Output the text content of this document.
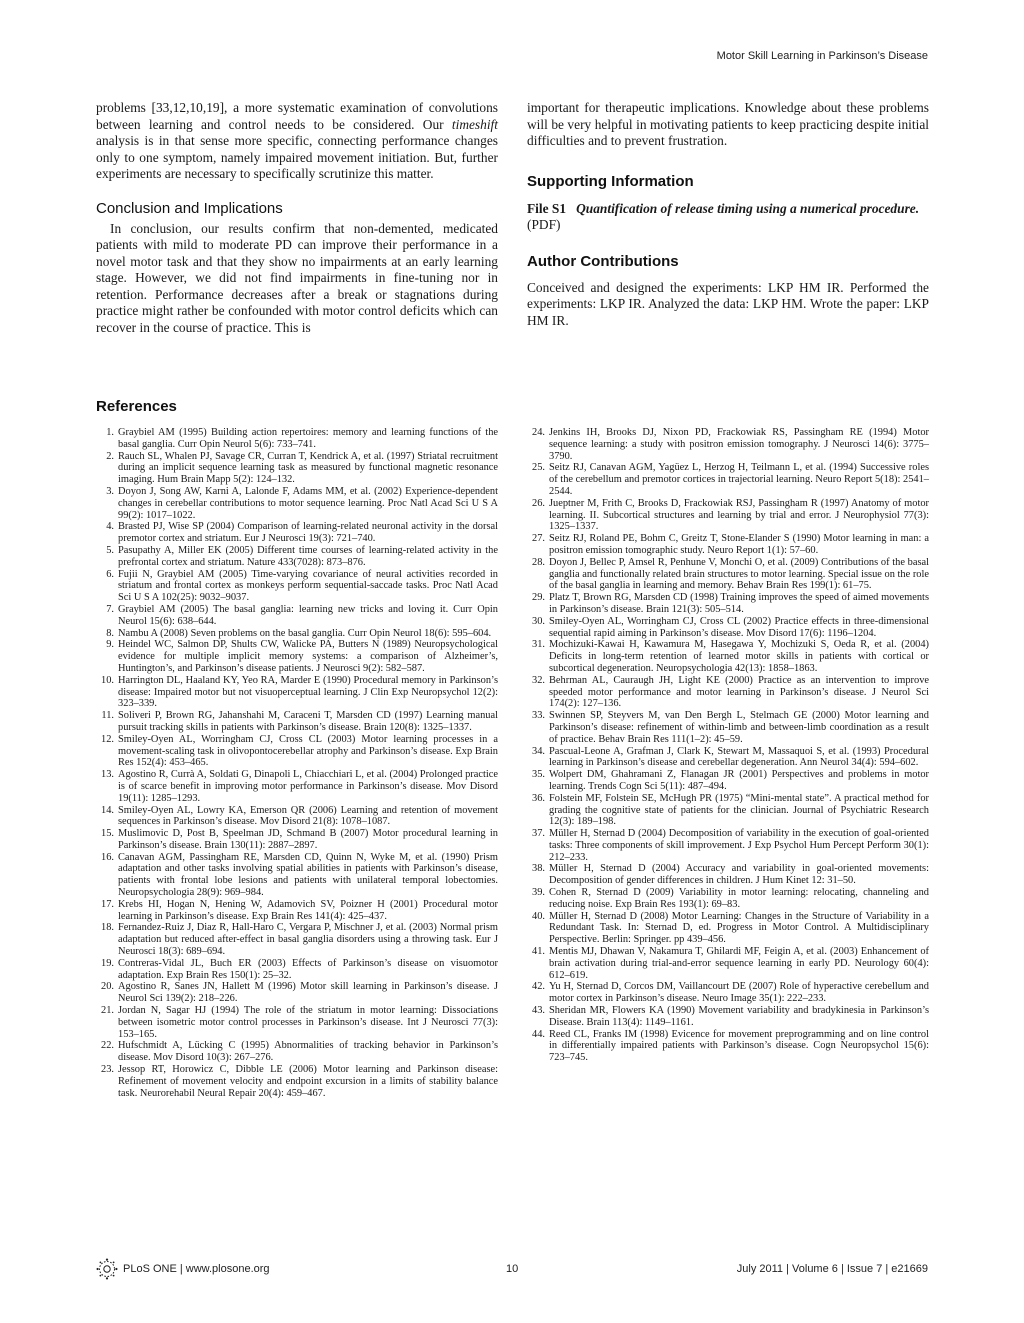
Motor Skill Learning in Parkinson’s Disease

problems [33,12,10,19], a more systematic examination of convolutions between learning and control needs to be considered. Our timeshift analysis is in that sense more specific, connecting performance changes only to one symptom, namely impaired movement initiation. But, further experiments are necessary to specifically scrutinize this matter.

Conclusion and Implications

In conclusion, our results confirm that non-demented, medicated patients with mild to moderate PD can improve their performance in a novel motor task and that they show no impairments at an early learning stage. However, we did not find impairments in fine-tuning nor in retention. Performance decreases after a break or stagnations during practice might rather be confounded with motor control deficits which can recover in the course of practice. This is

important for therapeutic implications. Knowledge about these problems will be very helpful in motivating patients to keep practicing despite initial difficulties and to prevent frustration.

Supporting Information

File S1 Quantification of release timing using a numerical procedure.

(PDF)

Author Contributions

Conceived and designed the experiments: LKP HM IR. Performed the experiments: LKP IR. Analyzed the data: LKP HM. Wrote the paper: LKP HM IR.

References
1. Graybiel AM (1995) Building action repertoires: memory and learning functions of the basal ganglia. Curr Opin Neurol 5(6): 733–741.
2. Rauch SL, Whalen PJ, Savage CR, Curran T, Kendrick A, et al. (1997) Striatal recruitment during an implicit sequence learning task as measured by functional magnetic resonance imaging. Hum Brain Mapp 5(2): 124–132.
3. Doyon J, Song AW, Karni A, Lalonde F, Adams MM, et al. (2002) Experience-dependent changes in cerebellar contributions to motor sequence learning. Proc Natl Acad Sci U S A 99(2): 1017–1022.
4. Brasted PJ, Wise SP (2004) Comparison of learning-related neuronal activity in the dorsal premotor cortex and striatum. Eur J Neurosci 19(3): 721–740.
5. Pasupathy A, Miller EK (2005) Different time courses of learning-related activity in the prefrontal cortex and striatum. Nature 433(7028): 873–876.
6. Fujii N, Graybiel AM (2005) Time-varying covariance of neural activities recorded in striatum and frontal cortex as monkeys perform sequential-saccade tasks. Proc Natl Acad Sci U S A 102(25): 9032–9037.
7. Graybiel AM (2005) The basal ganglia: learning new tricks and loving it. Curr Opin Neurol 15(6): 638–644.
8. Nambu A (2008) Seven problems on the basal ganglia. Curr Opin Neurol 18(6): 595–604.
9. Heindel WC, Salmon DP, Shults CW, Walicke PA, Butters N (1989) Neuropsychological evidence for multiple implicit memory systems: a comparison of Alzheimer’s, Huntington’s, and Parkinson’s disease patients. J Neurosci 9(2): 582–587.
10. Harrington DL, Haaland KY, Yeo RA, Marder E (1990) Procedural memory in Parkinson’s disease: Impaired motor but not visuoperceptual learning. J Clin Exp Neuropsychol 12(2): 323–339.
11. Soliveri P, Brown RG, Jahanshahi M, Caraceni T, Marsden CD (1997) Learning manual pursuit tracking skills in patients with Parkinson’s disease. Brain 120(8): 1325–1337.
12. Smiley-Oyen AL, Worringham CJ, Cross CL (2003) Motor learning processes in a movement-scaling task in olivopontocerebellar atrophy and Parkinson’s disease. Exp Brain Res 152(4): 453–465.
13. Agostino R, Currà A, Soldati G, Dinapoli L, Chiacchiari L, et al. (2004) Prolonged practice is of scarce benefit in improving motor performance in Parkinson’s disease. Mov Disord 19(11): 1285–1293.
14. Smiley-Oyen AL, Lowry KA, Emerson QR (2006) Learning and retention of movement sequences in Parkinson’s disease. Mov Disord 21(8): 1078–1087.
15. Muslimovic D, Post B, Speelman JD, Schmand B (2007) Motor procedural learning in Parkinson’s disease. Brain 130(11): 2887–2897.
16. Canavan AGM, Passingham RE, Marsden CD, Quinn N, Wyke M, et al. (1990) Prism adaptation and other tasks involving spatial abilities in patients with Parkinson’s disease, patients with frontal lobe lesions and patients with unilateral temporal lobectomies. Neuropsychologia 28(9): 969–984.
17. Krebs HI, Hogan N, Hening W, Adamovich SV, Poizner H (2001) Procedural motor learning in Parkinson’s disease. Exp Brain Res 141(4): 425–437.
18. Fernandez-Ruiz J, Diaz R, Hall-Haro C, Vergara P, Mischner J, et al. (2003) Normal prism adaptation but reduced after-effect in basal ganglia disorders using a throwing task. Eur J Neurosci 18(3): 689–694.
19. Contreras-Vidal JL, Buch ER (2003) Effects of Parkinson’s disease on visuomotor adaptation. Exp Brain Res 150(1): 25–32.
20. Agostino R, Sanes JN, Hallett M (1996) Motor skill learning in Parkinson’s disease. J Neurol Sci 139(2): 218–226.
21. Jordan N, Sagar HJ (1994) The role of the striatum in motor learning: Dissociations between isometric motor control processes in Parkinson’s disease. Int J Neurosci 77(3): 153–165.
22. Hufschmidt A, Lücking C (1995) Abnormalities of tracking behavior in Parkinson’s disease. Mov Disord 10(3): 267–276.
23. Jessop RT, Horowicz C, Dibble LE (2006) Motor learning and Parkinson disease: Refinement of movement velocity and endpoint excursion in a limits of stability balance task. Neurorehabil Neural Repair 20(4): 459–467.
24. Jenkins IH, Brooks DJ, Nixon PD, Frackowiak RS, Passingham RE (1994) Motor sequence learning: a study with positron emission tomography. J Neurosci 14(6): 3775–3790.
25. Seitz RJ, Canavan AGM, Yagüez L, Herzog H, Teilmann L, et al. (1994) Successive roles of the cerebellum and premotor cortices in trajectorial learning. Neuro Report 5(18): 2541–2544.
26. Jueptner M, Frith C, Brooks D, Frackowiak RSJ, Passingham R (1997) Anatomy of motor learning. II. Subcortical structures and learning by trial and error. J Neurophysiol 77(3): 1325–1337.
27. Seitz RJ, Roland PE, Bohm C, Greitz T, Stone-Elander S (1990) Motor learning in man: a positron emission tomographic study. Neuro Report 1(1): 57–60.
28. Doyon J, Bellec P, Amsel R, Penhune V, Monchi O, et al. (2009) Contributions of the basal ganglia and functionally related brain structures to motor learning. Special issue on the role of the basal ganglia in learning and memory. Behav Brain Res 199(1): 61–75.
29. Platz T, Brown RG, Marsden CD (1998) Training improves the speed of aimed movements in Parkinson’s disease. Brain 121(3): 505–514.
30. Smiley-Oyen AL, Worringham CJ, Cross CL (2002) Practice effects in three-dimensional sequential rapid aiming in Parkinson’s disease. Mov Disord 17(6): 1196–1204.
31. Mochizuki-Kawai H, Kawamura M, Hasegawa Y, Mochizuki S, Oeda R, et al. (2004) Deficits in long-term retention of learned motor skills in patients with cortical or subcortical degeneration. Neuropsychologia 42(13): 1858–1863.
32. Behrman AL, Cauraugh JH, Light KE (2000) Practice as an intervention to improve speeded motor performance and motor learning in Parkinson’s disease. J Neurol Sci 174(2): 127–136.
33. Swinnen SP, Steyvers M, van Den Bergh L, Stelmach GE (2000) Motor learning and Parkinson’s disease: refinement of within-limb and between-limb coordination as a result of practice. Behav Brain Res 111(1–2): 45–59.
34. Pascual-Leone A, Grafman J, Clark K, Stewart M, Massaquoi S, et al. (1993) Procedural learning in Parkinson’s disease and cerebellar degeneration. Ann Neurol 34(4): 594–602.
35. Wolpert DM, Ghahramani Z, Flanagan JR (2001) Perspectives and problems in motor learning. Trends Cogn Sci 5(11): 487–494.
36. Folstein MF, Folstein SE, McHugh PR (1975) “Mini-mental state”. A practical method for grading the cognitive state of patients for the clinician. Journal of Psychiatric Research 12(3): 189–198.
37. Müller H, Sternad D (2004) Decomposition of variability in the execution of goal-oriented tasks: Three components of skill improvement. J Exp Psychol Hum Percept Perform 30(1): 212–233.
38. Müller H, Sternad D (2004) Accuracy and variability in goal-oriented movements: Decomposition of gender differences in children. J Hum Kinet 12: 31–50.
39. Cohen R, Sternad D (2009) Variability in motor learning: relocating, channeling and reducing noise. Exp Brain Res 193(1): 69–83.
40. Müller H, Sternad D (2008) Motor Learning: Changes in the Structure of Variability in a Redundant Task. In: Sternad D, ed. Progress in Motor Control. A Multidisciplinary Perspective. Berlin: Springer. pp 439–456.
41. Mentis MJ, Dhawan V, Nakamura T, Ghilardi MF, Feigin A, et al. (2003) Enhancement of brain activation during trial-and-error sequence learning in early PD. Neurology 60(4): 612–619.
42. Yu H, Sternad D, Corcos DM, Vaillancourt DE (2007) Role of hyperactive cerebellum and motor cortex in Parkinson’s disease. Neuro Image 35(1): 222–233.
43. Sheridan MR, Flowers KA (1990) Movement variability and bradykinesia in Parkinson’s Disease. Brain 113(4): 1149–1161.
44. Reed CL, Franks IM (1998) Evicence for movement preprogramming and on line control in differentially impaired patients with Parkinson’s disease. Cogn Neuropsychol 15(6): 723–745.
PLoS ONE | www.plosone.org	10	July 2011 | Volume 6 | Issue 7 | e21669
